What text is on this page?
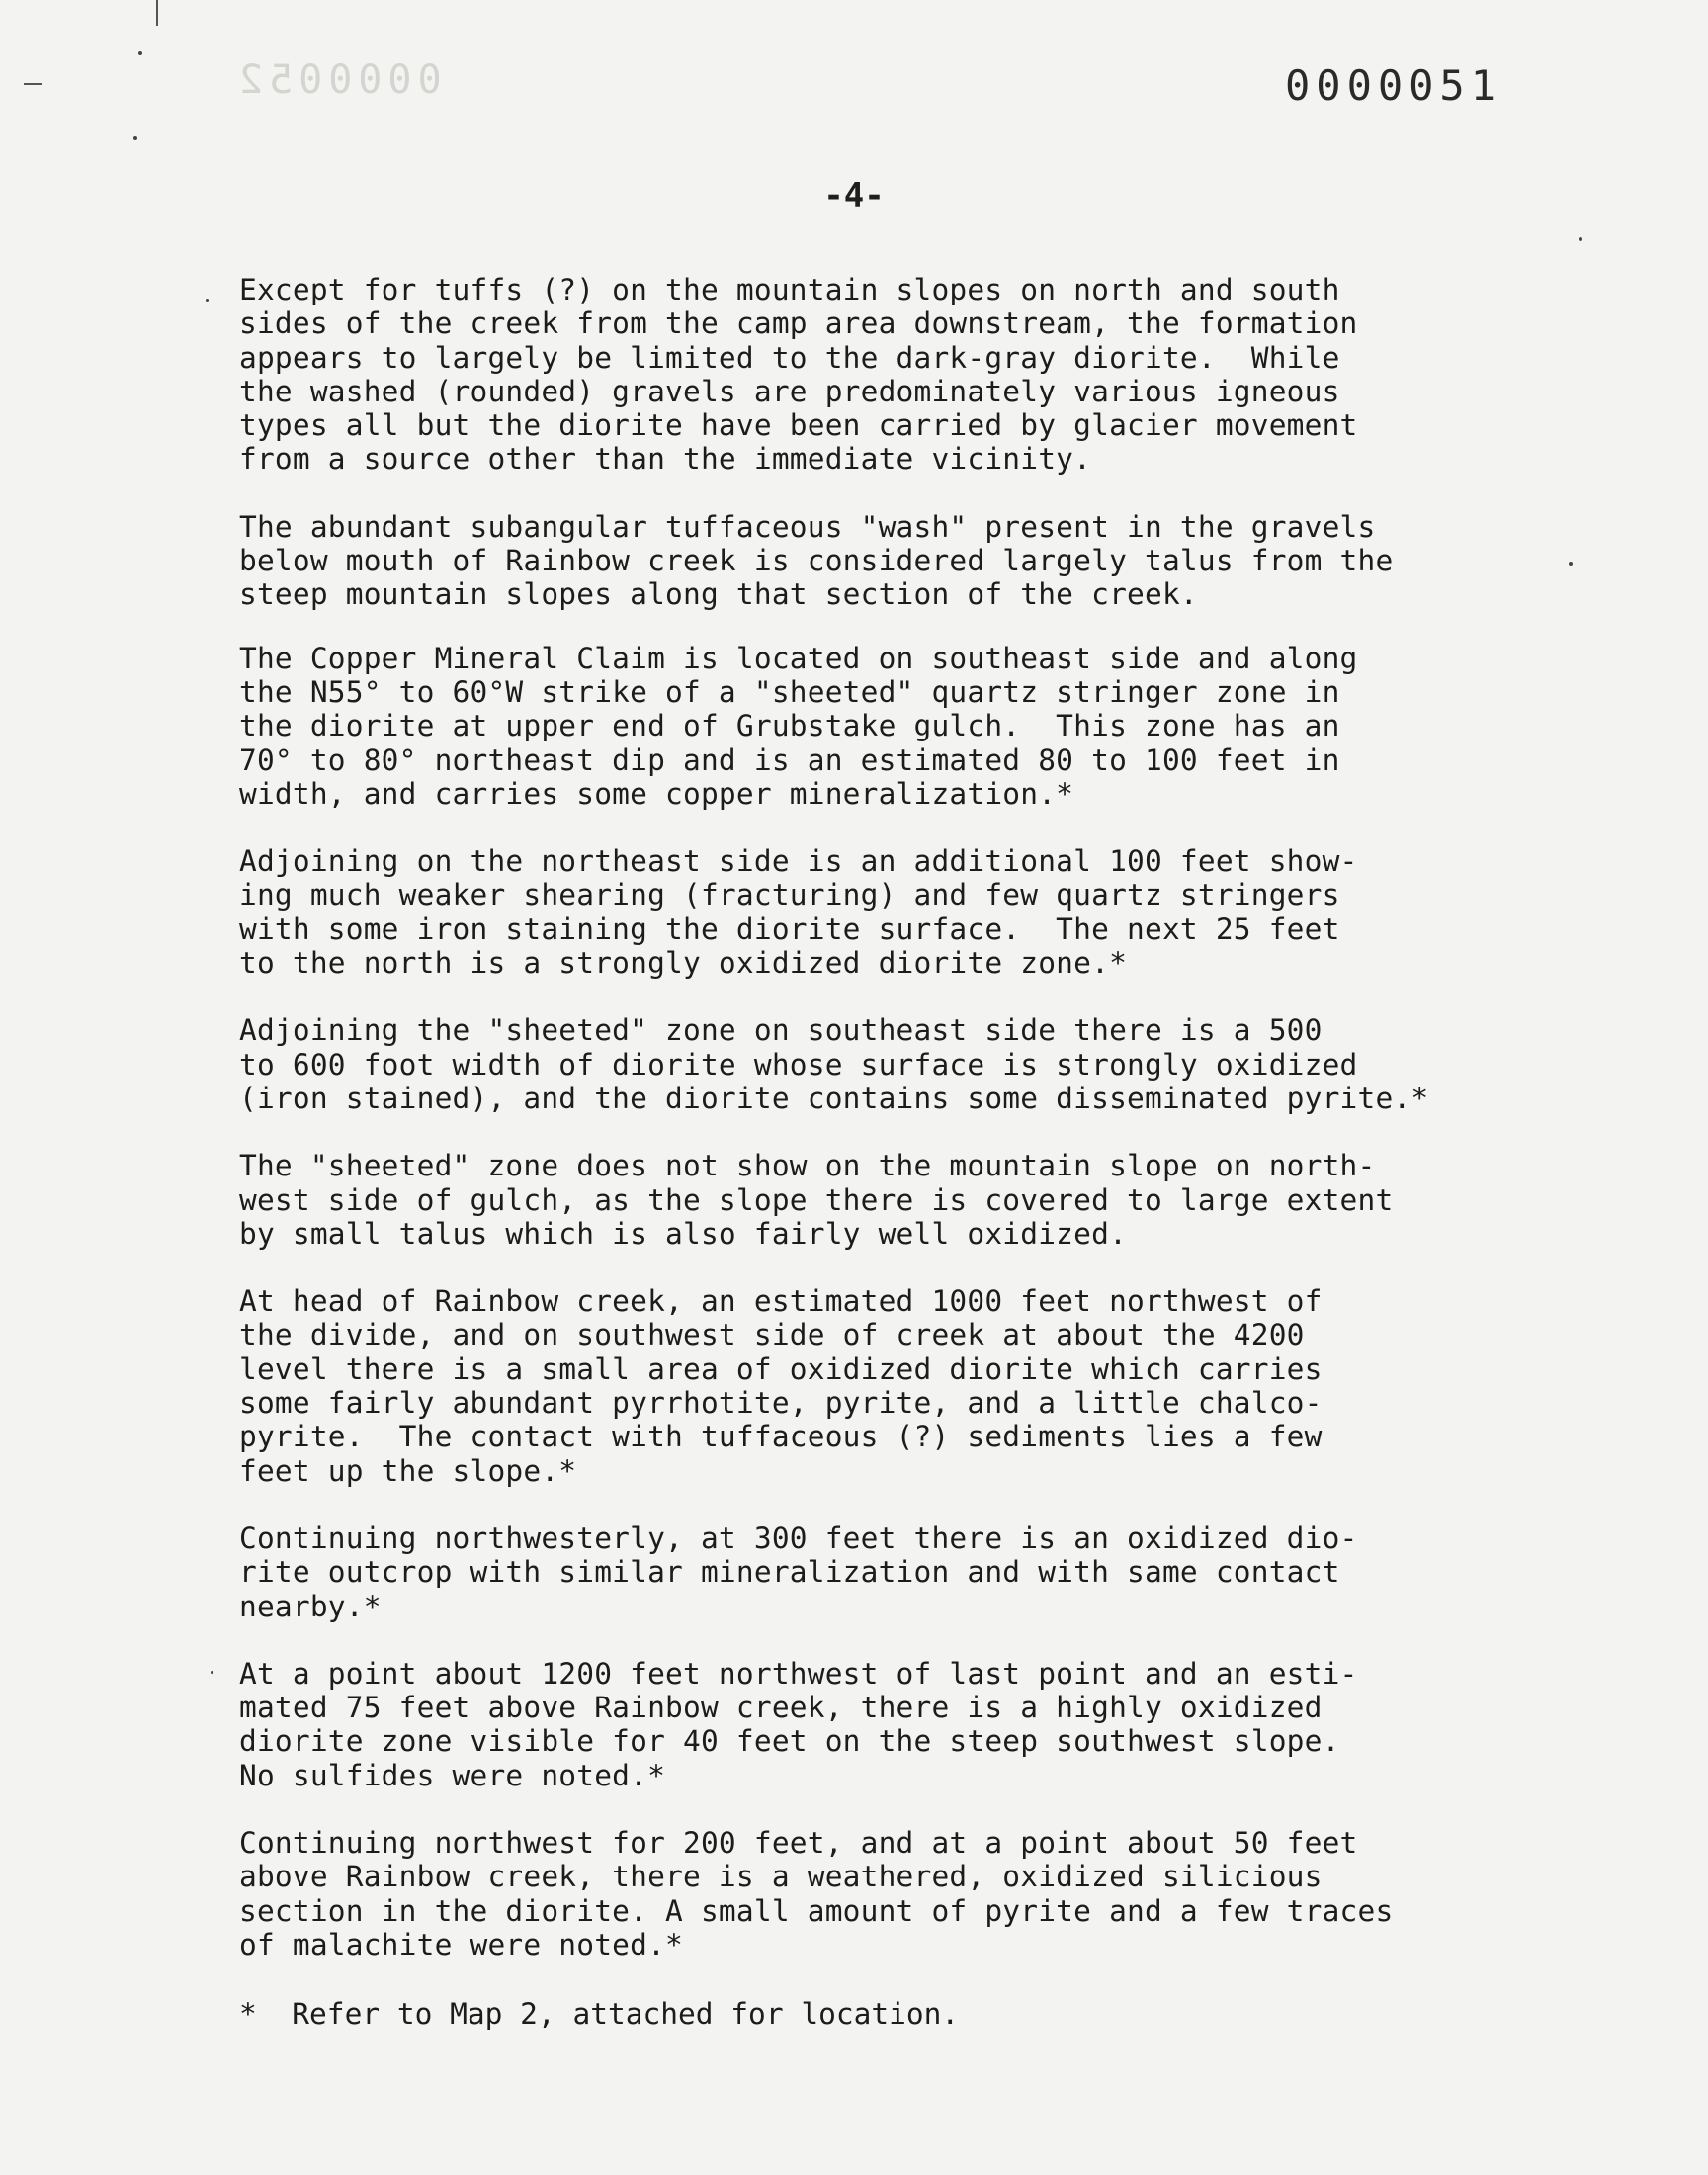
0000052	0000051
-4-
Except for tuffs (?) on the mountain slopes on north and south
sides of the creek from the camp area downstream, the formation
appears to largely be limited to the dark-gray diorite.  While
the washed (rounded) gravels are predominately various igneous
types all but the diorite have been carried by glacier movement
from a source other than the immediate vicinity.
The abundant subangular tuffaceous "wash" present in the gravels
below mouth of Rainbow creek is considered largely talus from the
steep mountain slopes along that section of the creek.
The Copper Mineral Claim is located on southeast side and along
the N55° to 60°W strike of a "sheeted" quartz stringer zone in
the diorite at upper end of Grubstake gulch.  This zone has an
70° to 80° northeast dip and is an estimated 80 to 100 feet in
width, and carries some copper mineralization.*
Adjoining on the northeast side is an additional 100 feet show-
ing much weaker shearing (fracturing) and few quartz stringers
with some iron staining the diorite surface.  The next 25 feet
to the north is a strongly oxidized diorite zone.*
Adjoining the "sheeted" zone on southeast side there is a 500
to 600 foot width of diorite whose surface is strongly oxidized
(iron stained), and the diorite contains some disseminated pyrite.*
The "sheeted" zone does not show on the mountain slope on north-
west side of gulch, as the slope there is covered to large extent
by small talus which is also fairly well oxidized.
At head of Rainbow creek, an estimated 1000 feet northwest of
the divide, and on southwest side of creek at about the 4200
level there is a small area of oxidized diorite which carries
some fairly abundant pyrrhotite, pyrite, and a little chalco-
pyrite.  The contact with tuffaceous (?) sediments lies a few
feet up the slope.*
Continuing northwesterly, at 300 feet there is an oxidized dio-
rite outcrop with similar mineralization and with same contact
nearby.*
At a point about 1200 feet northwest of last point and an esti-
mated 75 feet above Rainbow creek, there is a highly oxidized
diorite zone visible for 40 feet on the steep southwest slope.
No sulfides were noted.*
Continuing northwest for 200 feet, and at a point about 50 feet
above Rainbow creek, there is a weathered, oxidized silicious
section in the diorite. A small amount of pyrite and a few traces
of malachite were noted.*
*  Refer to Map 2, attached for location.
